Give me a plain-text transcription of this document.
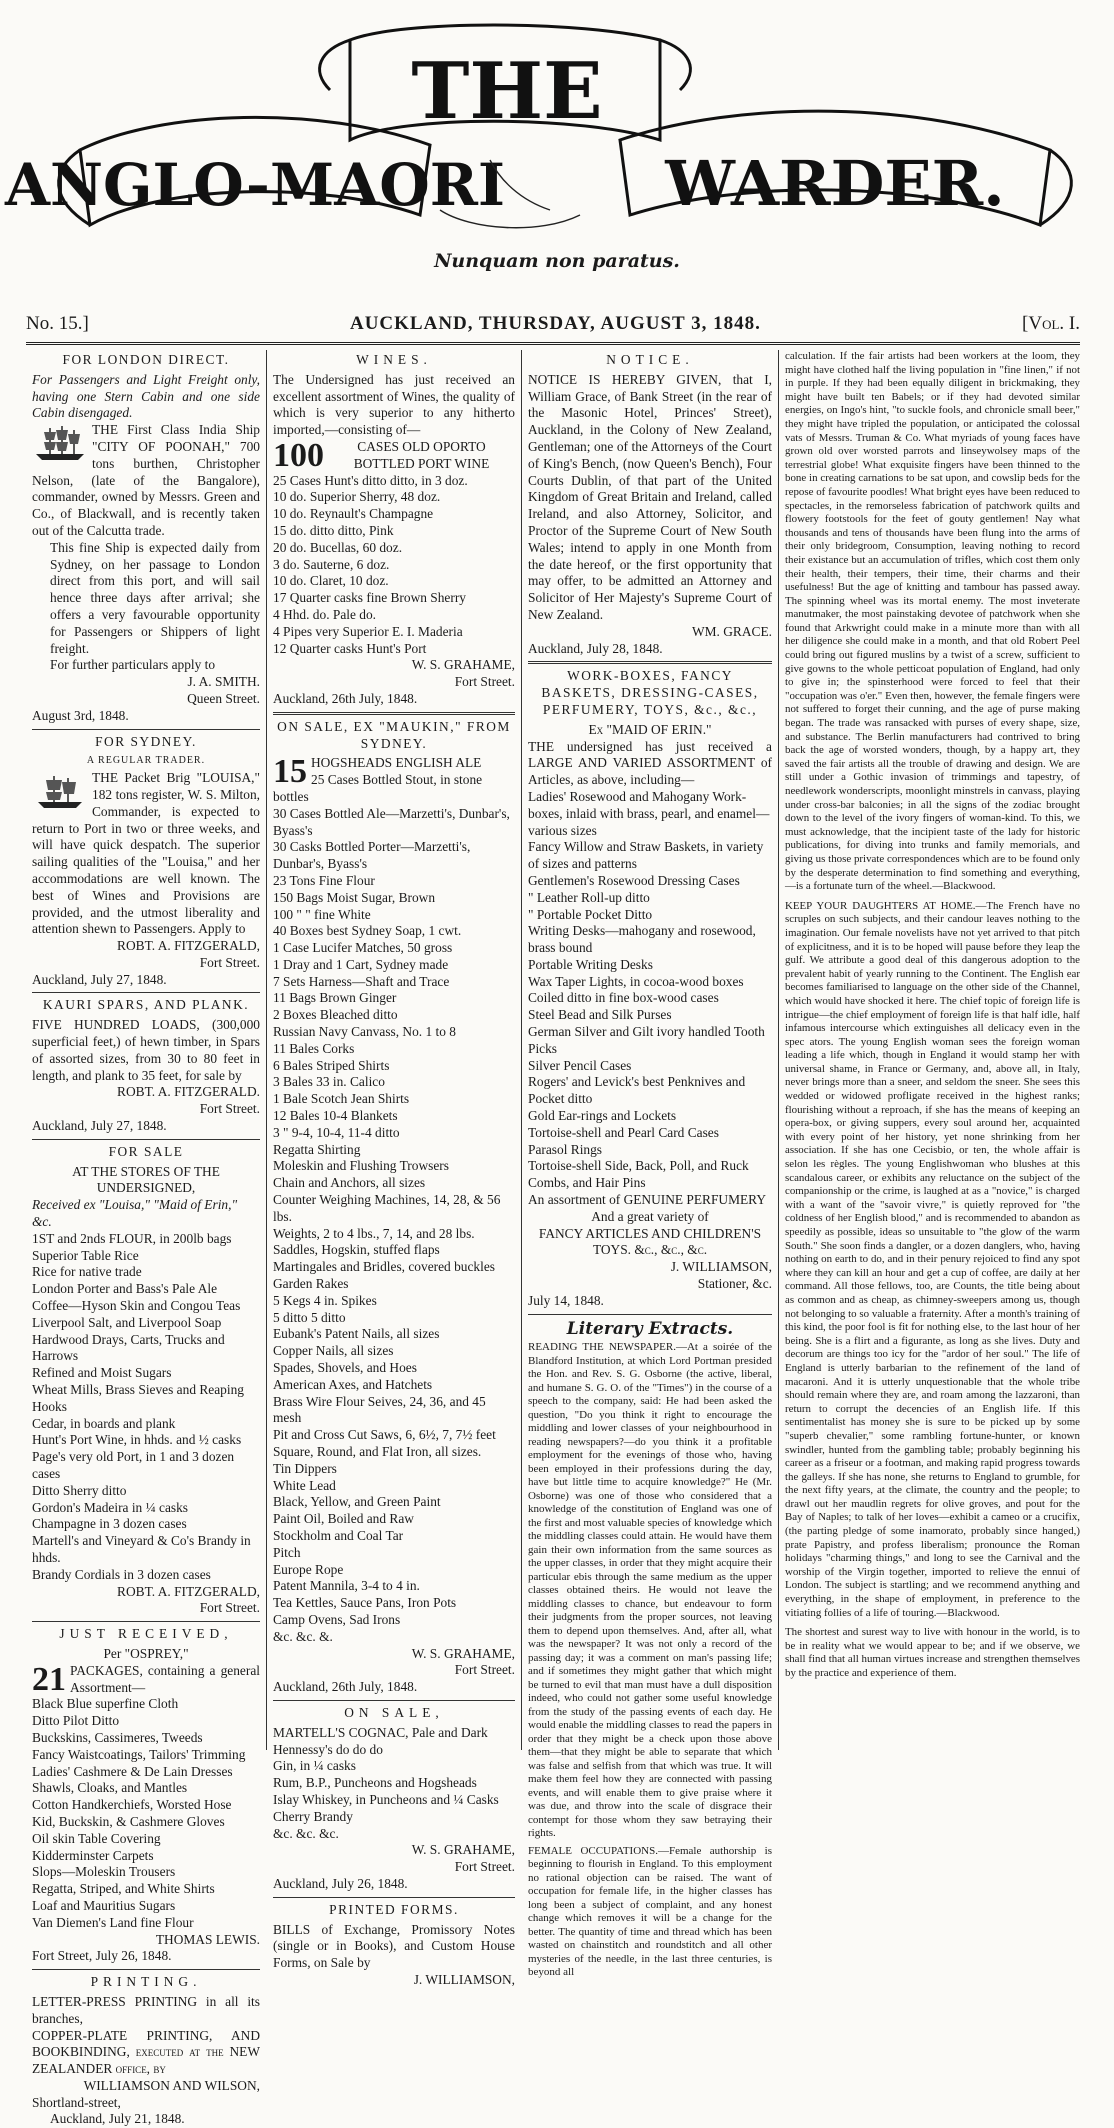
THE
ANGLO-MAORI	WARDER.
Nunquam non paratus.
No. 15.]	AUCKLAND, THURSDAY, AUGUST 3, 1848.	[Vol. I.
FOR LONDON DIRECT.

For Passengers and Light Freight only, having one Stern Cabin and one side Cabin disengaged.

THE First Class India Ship "CITY OF POONAH," 700 tons burthen, Christopher Nelson, (late of the Bangalore), commander, owned by Messrs. Green and Co., of Blackwall, and is recently taken out of the Calcutta trade.

This fine Ship is expected daily from Sydney, on her passage to London direct from this port, and will sail hence three days after arrival; she offers a very favourable opportunity for Passengers or Shippers of light freight.

For further particulars apply to

J. A. SMITH.
Queen Street.
August 3rd, 1848.
FOR SYDNEY.
A REGULAR TRADER.

THE Packet Brig "LOUISA," 182 tons register, W. S. Milton, Commander, is expected to return to Port in two or three weeks, and will have quick despatch. The superior sailing qualities of the "Louisa," and her accommodations are well known. The best of Wines and Provisions are provided, and the utmost liberality and attention shewn to Passengers. Apply to

ROBT. A. FITZGERALD,
Fort Street.
Auckland, July 27, 1848.
KAURI SPARS, AND PLANK.

FIVE HUNDRED LOADS, (300,000 superficial feet,) of hewn timber, in Spars of assorted sizes, from 30 to 80 feet in length, and plank to 35 feet, for sale by

ROBT. A. FITZGERALD.
Fort Street.
Auckland, July 27, 1848.
FOR SALE
AT THE STORES OF THE UNDERSIGNED,
Received ex "Louisa," "Maid of Erin," &c.
1ST and 2nds FLOUR, in 200lb bags
Superior Table Rice
Rice for native trade
London Porter and Bass's Pale Ale
Coffee—Hyson Skin and Congou Teas
Liverpool Salt, and Liverpool Soap
Hardwood Drays, Carts, Trucks and Harrows
Refined and Moist Sugars
Wheat Mills, Brass Sieves and Reaping Hooks
Cedar, in boards and plank
Hunt's Port Wine, in hhds. and ½ casks
Page's very old Port, in 1 and 3 dozen cases
Ditto Sherry ditto
Gordon's Madeira in ¼ casks
Champagne in 3 dozen cases
Martell's and Vineyard & Co's Brandy in hhds.
Brandy Cordials in 3 dozen cases
ROBT. A. FITZGERALD,
Fort Street.
JUST RECEIVED,
Per "OSPREY,"
21 PACKAGES, containing a general Assortment—

Black Blue superfine Cloth
Ditto Pilot Ditto
Buckskins, Cassimeres, Tweeds
Fancy Waistcoatings, Tailors' Trimming
Ladies' Cashmere & De Lain Dresses
Shawls, Cloaks, and Mantles
Cotton Handkerchiefs, Worsted Hose
Kid, Buckskin, & Cashmere Gloves
Oil skin Table Covering
Kidderminster Carpets
Slops—Moleskin Trousers
Regatta, Striped, and White Shirts
Loaf and Mauritius Sugars
Van Diemen's Land fine Flour
THOMAS LEWIS.
Fort Street, July 26, 1848.
PRINTING.

LETTER-PRESS PRINTING in all its branches,

COPPER-PLATE PRINTING, AND BOOKBINDING, executed at the NEW ZEALANDER office, by

WILLIAMSON AND WILSON,
Shortland-street,
Auckland, July 21, 1848.
WINES.

The Undersigned has just received an excellent assortment of Wines, the quality of which is very superior to any hitherto imported,—consisting of—

100	CASES OLD OPORTO BOTTLED PORT WINE

25 Cases Hunt's ditto ditto, in 3 doz.
10 do. Superior Sherry, 48 doz.
10 do. Reynault's Champagne
15 do. ditto ditto, Pink
20 do. Bucellas, 60 doz.
3 do. Sauterne, 6 doz.
10 do. Claret, 10 doz.
17 Quarter casks fine Brown Sherry
4 Hhd. do. Pale do.
4 Pipes very Superior E. I. Maderia
12 Quarter casks Hunt's Port
W. S. GRAHAME,
Fort Street.
Auckland, 26th July, 1848.
ON SALE, EX "MAUKIN," FROM SYDNEY.
15 HOGSHEADS ENGLISH ALE

25 Cases Bottled Stout, in stone bottles
30 Cases Bottled Ale—Marzetti's, Dunbar's, Byass's
30 Casks Bottled Porter—Marzetti's, Dunbar's, Byass's
23 Tons Fine Flour
150 Bags Moist Sugar, Brown
100 " " fine White
40 Boxes best Sydney Soap, 1 cwt.
1 Case Lucifer Matches, 50 gross
1 Dray and 1 Cart, Sydney made
7 Sets Harness—Shaft and Trace
11 Bags Brown Ginger
2 Boxes Bleached ditto
Russian Navy Canvass, No. 1 to 8
11 Bales Corks
6 Bales Striped Shirts
3 Bales 33 in. Calico
1 Bale Scotch Jean Shirts
12 Bales 10-4 Blankets
3 " 9-4, 10-4, 11-4 ditto
Regatta Shirting
Moleskin and Flushing Trowsers
Chain and Anchors, all sizes
Counter Weighing Machines, 14, 28, & 56 lbs.
Weights, 2 to 4 lbs., 7, 14, and 28 lbs.
Saddles, Hogskin, stuffed flaps
Martingales and Bridles, covered buckles
Garden Rakes
5 Kegs 4 in. Spikes
5 ditto 5 ditto
Eubank's Patent Nails, all sizes
Copper Nails, all sizes
Spades, Shovels, and Hoes
American Axes, and Hatchets
Brass Wire Flour Seives, 24, 36, and 45 mesh
Pit and Cross Cut Saws, 6, 6½, 7, 7½ feet
Square, Round, and Flat Iron, all sizes.
Tin Dippers
White Lead
Black, Yellow, and Green Paint
Paint Oil, Boiled and Raw
Stockholm and Coal Tar
Pitch
Europe Rope
Patent Mannila, 3-4 to 4 in.
Tea Kettles, Sauce Pans, Iron Pots
Camp Ovens, Sad Irons
&c. &c. &.
W. S. GRAHAME,
Fort Street.
Auckland, 26th July, 1848.
ON SALE,
MARTELL'S COGNAC, Pale and Dark
Hennessy's do do do
Gin, in ¼ casks
Rum, B.P., Puncheons and Hogsheads
Islay Whiskey, in Puncheons and ¼ Casks
Cherry Brandy
&c. &c. &c.
W. S. GRAHAME,
Fort Street.
Auckland, July 26, 1848.
PRINTED FORMS.

BILLS of Exchange, Promissory Notes (single or in Books), and Custom House Forms, on Sale by

J. WILLIAMSON,
NOTICE.

NOTICE IS HEREBY GIVEN, that I, William Grace, of Bank Street (in the rear of the Masonic Hotel, Princes' Street), Auckland, in the Colony of New Zealand, Gentleman; one of the Attorneys of the Court of King's Bench, (now Queen's Bench), Four Courts Dublin, of that part of the United Kingdom of Great Britain and Ireland, called Ireland, and also Attorney, Solicitor, and Proctor of the Supreme Court of New South Wales; intend to apply in one Month from the date hereof, or the first opportunity that may offer, to be admitted an Attorney and Solicitor of Her Majesty's Supreme Court of New Zealand.

WM. GRACE.
Auckland, July 28, 1848.
WORK-BOXES, FANCY BASKETS, DRESSING-CASES, PERFUMERY, TOYS, &c., &c.,
Ex "MAID OF ERIN."

THE undersigned has just received a LARGE AND VARIED ASSORTMENT of Articles, as above, including—

Ladies' Rosewood and Mahogany Work-boxes, inlaid with brass, pearl, and enamel—various sizes
Fancy Willow and Straw Baskets, in variety of sizes and patterns
Gentlemen's Rosewood Dressing Cases
" Leather Roll-up ditto
" Portable Pocket Ditto
Writing Desks—mahogany and rosewood, brass bound
Portable Writing Desks
Wax Taper Lights, in cocoa-wood boxes
Coiled ditto in fine box-wood cases
Steel Bead and Silk Purses
German Silver and Gilt ivory handled Tooth Picks
Silver Pencil Cases
Rogers' and Levick's best Penknives and Pocket ditto
Gold Ear-rings and Lockets
Tortoise-shell and Pearl Card Cases
Parasol Rings
Tortoise-shell Side, Back, Poll, and Ruck Combs, and Hair Pins
An assortment of GENUINE PERFUMERY
And a great variety of
FANCY ARTICLES AND CHILDREN'S TOYS. &c., &c., &c.
J. WILLIAMSON,
Stationer, &c.
July 14, 1848.
Literary Extracts.

READING THE NEWSPAPER.—At a soirée of the Blandford Institution, at which Lord Portman presided the Hon. and Rev. S. G. Osborne (the active, liberal, and humane S. G. O. of the "Times") in the course of a speech to the company, said: He had been asked the question, "Do you think it right to encourage the middling and lower classes of your neighbourhood in reading newspapers?—do you think it a profitable employment for the evenings of those who, having been employed in their professions during the day, have but little time to acquire knowledge?" He (Mr. Osborne) was one of those who considered that a knowledge of the constitution of England was one of the first and most valuable species of knowledge which the middling classes could attain. He would have them gain their own information from the same sources as the upper classes, in order that they might acquire their particular ebis through the same medium as the upper classes obtained theirs. He would not leave the middling classes to chance, but endeavour to form their judgments from the proper sources, not leaving them to depend upon themselves. And, after all, what was the newspaper? It was not only a record of the passing day; it was a comment on man's passing life; and if sometimes they might gather that which might be turned to evil that man must have a dull disposition indeed, who could not gather some useful knowledge from the study of the passing events of each day. He would enable the middling classes to read the papers in order that they might be a check upon those above them—that they might be able to separate that which was false and selfish from that which was true. It will make them feel how they are connected with passing events, and will enable them to give praise where it was due, and throw into the scale of disgrace their contempt for those whom they saw betraying their rights.

FEMALE OCCUPATIONS.—Female authorship is beginning to flourish in England. To this employment no rational objection can be raised. The want of occupation for female life, in the higher classes has long been a subject of complaint, and any honest change which removes it will be a change for the better. The quantity of time and thread which has been wasted on chainstitch and roundstitch and all other mysteries of the needle, in the last three centuries, is beyond all

calculation. If the fair artists had been workers at the loom, they might have clothed half the living population in "fine linen," if not in purple. If they had been equally diligent in brickmaking, they might have built ten Babels; or if they had devoted similar energies, on Ingo's hint, "to suckle fools, and chronicle small beer," they might have tripled the population, or anticipated the colossal vats of Messrs. Truman & Co. What myriads of young faces have grown old over worsted parrots and linseywolsey maps of the terrestrial globe! What exquisite fingers have been thinned to the bone in creating carnations to be sat upon, and cowslip beds for the repose of favourite poodles! What bright eyes have been reduced to spectacles, in the remorseless fabrication of patchwork quilts and flowery footstools for the feet of gouty gentlemen! Nay what thousands and tens of thousands have been flung into the arms of their only bridegroom, Consumption, leaving nothing to record their existance but an accumulation of trifles, which cost them only their health, their tempers, their time, their charms and their usefulness! But the age of knitting and tambour has passed away. The spinning wheel was its mortal enemy. The most inveterate manutmaker, the most painstaking devotee of patchwork when she found that Arkwright could make in a minute more than with all her diligence she could make in a month, and that old Robert Peel could bring out figured muslins by a twist of a screw, sufficient to give gowns to the whole petticoat population of England, had only to give in; the spinsterhood were forced to feel that their "occupation was o'er." Even then, however, the female fingers were not suffered to forget their cunning, and the age of purse making began. The trade was ransacked with purses of every shape, size, and substance. The Berlin manufacturers had contrived to bring back the age of worsted wonders, though, by a happy art, they saved the fair artists all the trouble of drawing and design. We are still under a Gothic invasion of trimmings and tapestry, of needlework wonderscripts, moonlight minstrels in canvass, playing under cross-bar balconies; in all the signs of the zodiac brought down to the level of the ivory fingers of woman-kind. To this, we must acknowledge, that the incipient taste of the lady for historic publications, for diving into trunks and family memorials, and giving us those private correspondences which are to be found only by the desperate determination to find something and everything, —is a fortunate turn of the wheel.—Blackwood.

KEEP YOUR DAUGHTERS AT HOME.—The French have no scruples on such subjects, and their candour leaves nothing to the imagination. Our female novelists have not yet arrived to that pitch of explicitness, and it is to be hoped will pause before they leap the gulf. We attribute a good deal of this dangerous adoption to the prevalent habit of yearly running to the Continent. The English ear becomes familiarised to language on the other side of the Channel, which would have shocked it here. The chief topic of foreign life is intrigue—the chief employment of foreign life is that half idle, half infamous intercourse which extinguishes all delicacy even in the spec ators. The young English woman sees the foreign woman leading a life which, though in England it would stamp her with universal shame, in France or Germany, and, above all, in Italy, never brings more than a sneer, and seldom the sneer. She sees this wedded or widowed profligate received in the highest ranks; flourishing without a reproach, if she has the means of keeping an opera-box, or giving suppers, every soul around her, acquainted with every point of her history, yet none shrinking from her association. If she has one Cecisbio, or ten, the whole affair is selon les règles. The young Englishwoman who blushes at this scandalous career, or exhibits any reluctance on the subject of the companionship or the crime, is laughed at as a "novice," is charged with a want of the "savoir vivre," is quietly reproved for "the coldness of her English blood," and is recommended to abandon as speedily as possible, ideas so unsuitable to "the glow of the warm South." She soon finds a dangler, or a dozen danglers, who, having nothing on earth to do, and in their penury rejoiced to find any spot where they can kill an hour and get a cup of coffee, are daily at her command. All those fellows, too, are Counts, the title being about as common and as cheap, as chimney-sweepers among us, though not belonging to so valuable a fraternity. After a month's training of this kind, the poor fool is fit for nothing else, to the last hour of her being. She is a flirt and a figurante, as long as she lives. Duty and decorum are things too icy for the "ardor of her soul." The life of England is utterly barbarian to the refinement of the land of macaroni. And it is utterly unquestionable that the whole tribe should remain where they are, and roam among the lazzaroni, than return to corrupt the decencies of an English life. If this sentimentalist has money she is sure to be picked up by some "superb chevalier," some rambling fortune-hunter, or known swindler, hunted from the gambling table; probably beginning his career as a friseur or a footman, and making rapid progress towards the galleys. If she has none, she returns to England to grumble, for the next fifty years, at the climate, the country and the people; to drawl out her maudlin regrets for olive groves, and pout for the Bay of Naples; to talk of her loves—exhibit a cameo or a crucifix, (the parting pledge of some inamorato, probably since hanged,) prate Papistry, and profess liberalism; pronounce the Roman holidays "charming things," and long to see the Carnival and the worship of the Virgin together, imported to relieve the ennui of London. The subject is startling; and we recommend anything and everything, in the shape of employment, in preference to the vitiating follies of a life of touring.—Blackwood.

The shortest and surest way to live with honour in the world, is to be in reality what we would appear to be; and if we observe, we shall find that all human virtues increase and strengthen themselves by the practice and experience of them.
